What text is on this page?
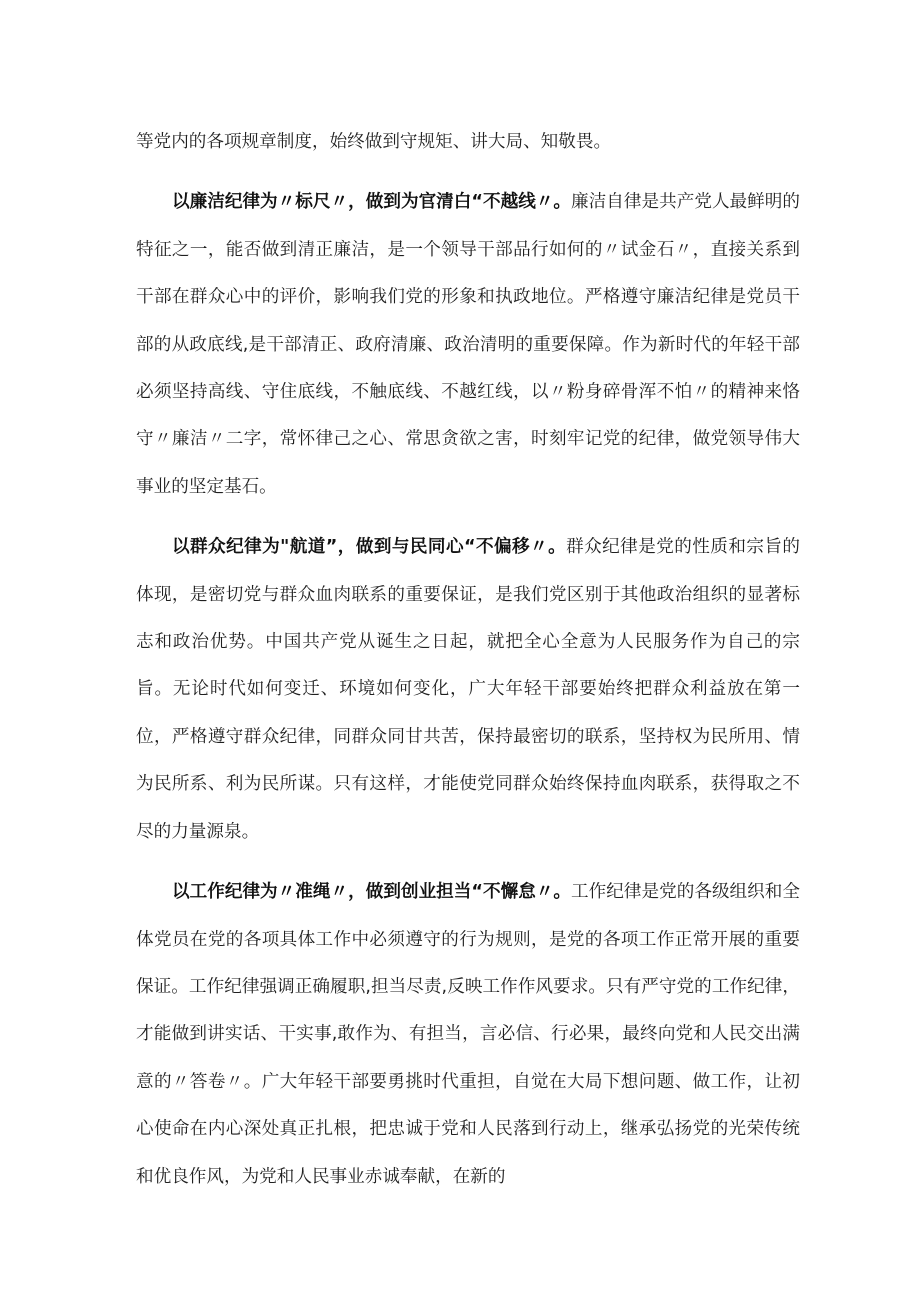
等党内的各项规章制度，始终做到守规矩、讲大局、知敬畏。

以廉洁纪律为〃标尺〃，做到为官清白“不越线〃。廉洁自律是共产党人最鲜明的特征之一，能否做到清正廉洁，是一个领导干部品行如何的〃试金石〃，直接关系到干部在群众心中的评价，影响我们党的形象和执政地位。严格遵守廉洁纪律是党员干部的从政底线,是干部清正、政府清廉、政治清明的重要保障。作为新时代的年轻干部必须坚持高线、守住底线，不触底线、不越红线，以〃粉身碎骨浑不怕〃的精神来恪守〃廉洁〃二字，常怀律己之心、常思贪欲之害，时刻牢记党的纪律，做党领导伟大事业的坚定基石。

以群众纪律为"航道”，做到与民同心“不偏移〃。群众纪律是党的性质和宗旨的体现，是密切党与群众血肉联系的重要保证，是我们党区别于其他政治组织的显著标志和政治优势。中国共产党从诞生之日起，就把全心全意为人民服务作为自己的宗旨。无论时代如何变迁、环境如何变化，广大年轻干部要始终把群众利益放在第一位，严格遵守群众纪律，同群众同甘共苦，保持最密切的联系，坚持权为民所用、情为民所系、利为民所谋。只有这样，才能使党同群众始终保持血肉联系，获得取之不尽的力量源泉。

以工作纪律为〃准绳〃，做到创业担当“不懈怠〃。工作纪律是党的各级组织和全体党员在党的各项具体工作中必须遵守的行为规则，是党的各项工作正常开展的重要保证。工作纪律强调正确履职,担当尽责,反映工作作风要求。只有严守党的工作纪律，才能做到讲实话、干实事,敢作为、有担当，言必信、行必果，最终向党和人民交出满意的〃答卷〃。广大年轻干部要勇挑时代重担，自觉在大局下想问题、做工作，让初心使命在内心深处真正扎根，把忠诚于党和人民落到行动上，继承弘扬党的光荣传统和优良作风，为党和人民事业赤诚奉献，在新的
